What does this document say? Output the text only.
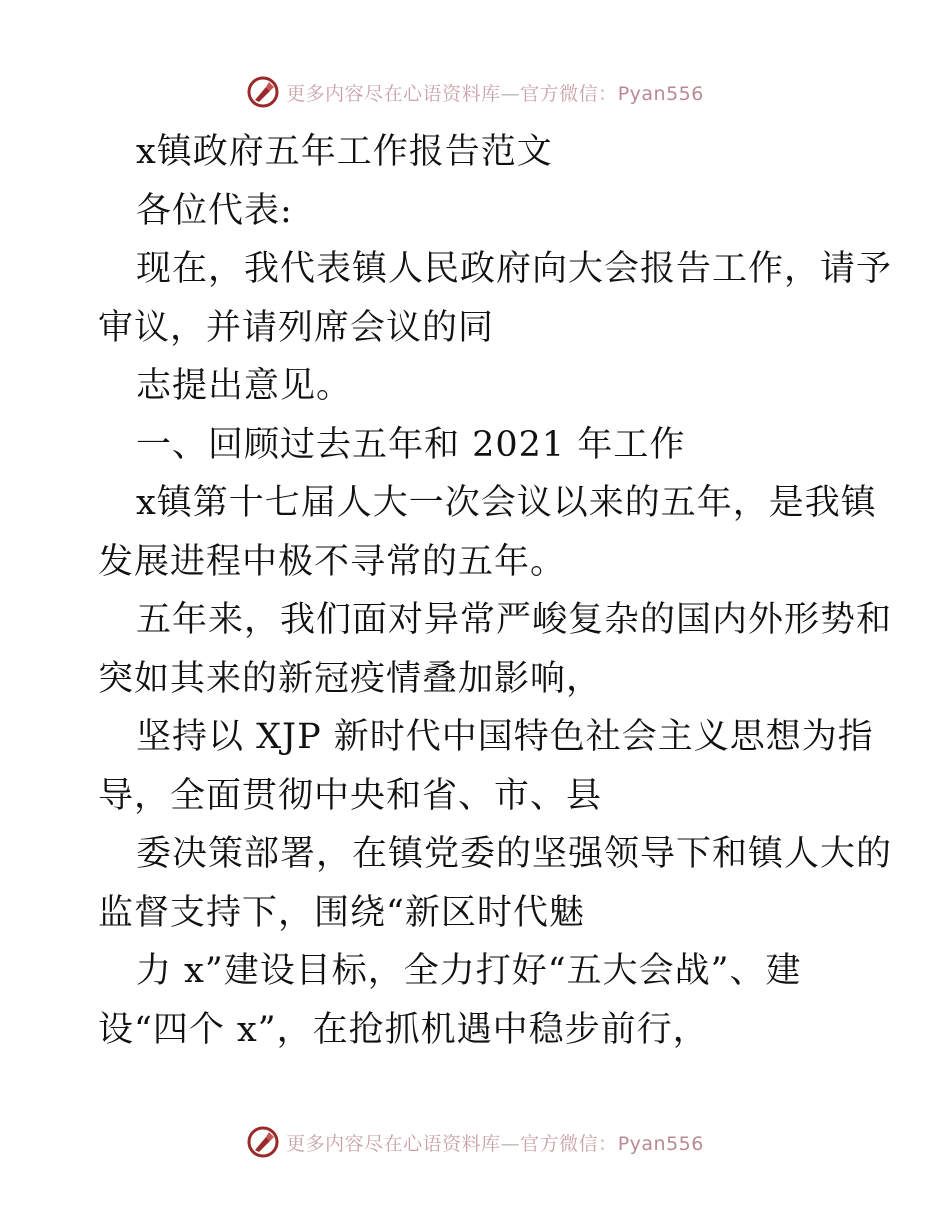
更多内容尽在心语资料库—官方微信：Pyan556
x镇政府五年工作报告范文
各位代表:
现在，我代表镇人民政府向大会报告工作，请予
审议，并请列席会议的同
志提出意见。
一、回顾过去五年和 2021 年工作
x镇第十七届人大一次会议以来的五年，是我镇
发展进程中极不寻常的五年。
五年来，我们面对异常严峻复杂的国内外形势和
突如其来的新冠疫情叠加影响，
坚持以 XJP 新时代中国特色社会主义思想为指
导，全面贯彻中央和省、市、县
委决策部署，在镇党委的坚强领导下和镇人大的
监督支持下，围绕“新区时代魅
力 x”建设目标，全力打好“五大会战”、建
设“四个 x”，在抢抓机遇中稳步前行，
更多内容尽在心语资料库—官方微信：Pyan556
